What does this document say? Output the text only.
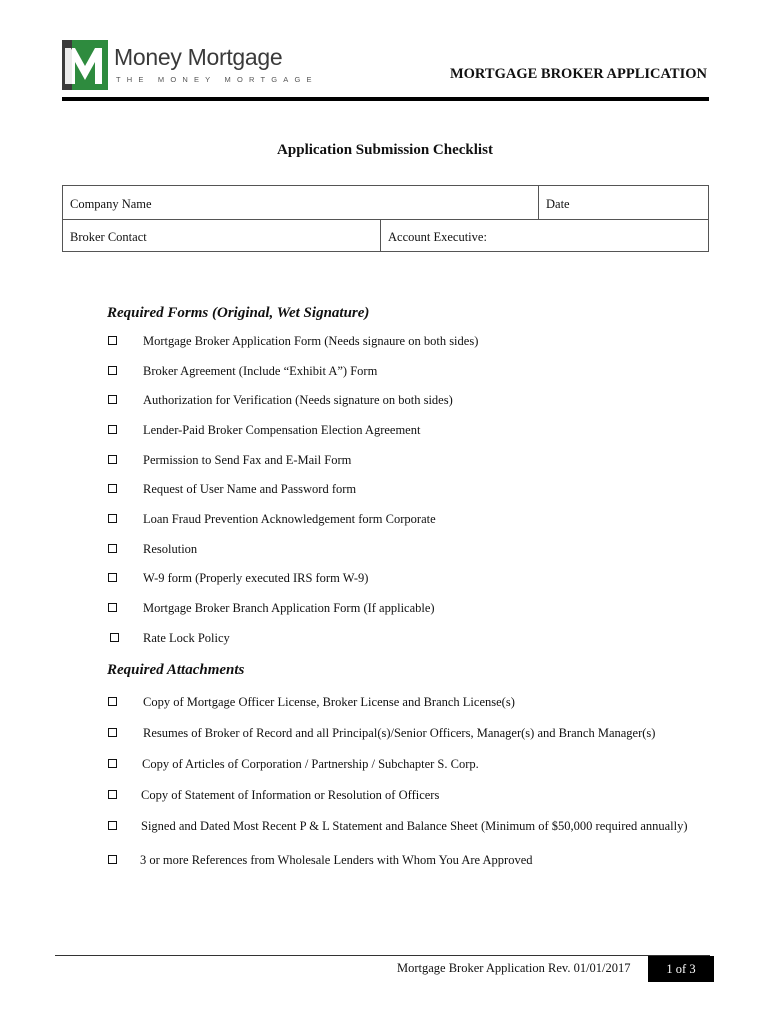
Money Mortgage
THE MONEY MORTGAGE	MORTGAGE BROKER APPLICATION
Application Submission Checklist
Company Name	Date
Broker Contact	Account Executive:
Required Forms (Original, Wet Signature)
Mortgage Broker Application Form (Needs signaure on both sides)
Broker Agreement (Include “Exhibit A”) Form
Authorization for Verification (Needs signature on both sides)
Lender-Paid Broker Compensation Election Agreement
Permission to Send Fax and E-Mail Form
Request of User Name and Password form
Loan Fraud Prevention Acknowledgement form Corporate
Resolution
W-9 form (Properly executed IRS form W-9)
Mortgage Broker Branch Application Form (If applicable)
Rate Lock Policy
Required Attachments
Copy of Mortgage Officer License, Broker License and Branch License(s)
Resumes of Broker of Record and all Principal(s)/Senior Officers, Manager(s) and Branch Manager(s)
Copy of Articles of Corporation / Partnership / Subchapter S. Corp.
Copy of Statement of Information or Resolution of Officers
Signed and Dated Most Recent P & L Statement and Balance Sheet (Minimum of $50,000 required annually)
3 or more References from Wholesale Lenders with Whom You Are Approved
Mortgage Broker Application Rev. 01/01/2017	1 of 3
